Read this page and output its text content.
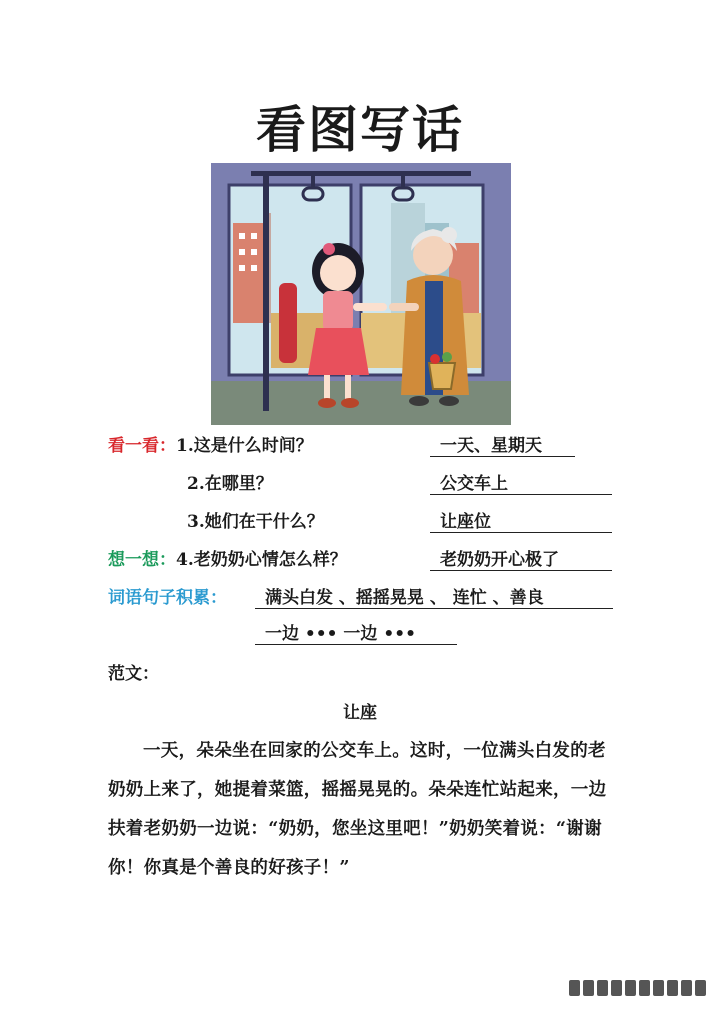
看图写话
看一看：1.这是什么时间？	一天、星期天
2.在哪里？	公交车上
3.她们在干什么？	让座位
想一想：4.老奶奶心情怎么样？	老奶奶开心极了
词语句子积累： 满头白发 、摇摇晃晃 、 连忙 、善良
一边 ••• 一边 •••
范文：
让座

一天，朵朵坐在回家的公交车上。这时，一位满头白发的老奶奶上来了，她提着菜篮，摇摇晃晃的。朵朵连忙站起来，一边扶着老奶奶一边说：“奶奶，您坐这里吧！”奶奶笑着说：“谢谢你！你真是个善良的好孩子！”
